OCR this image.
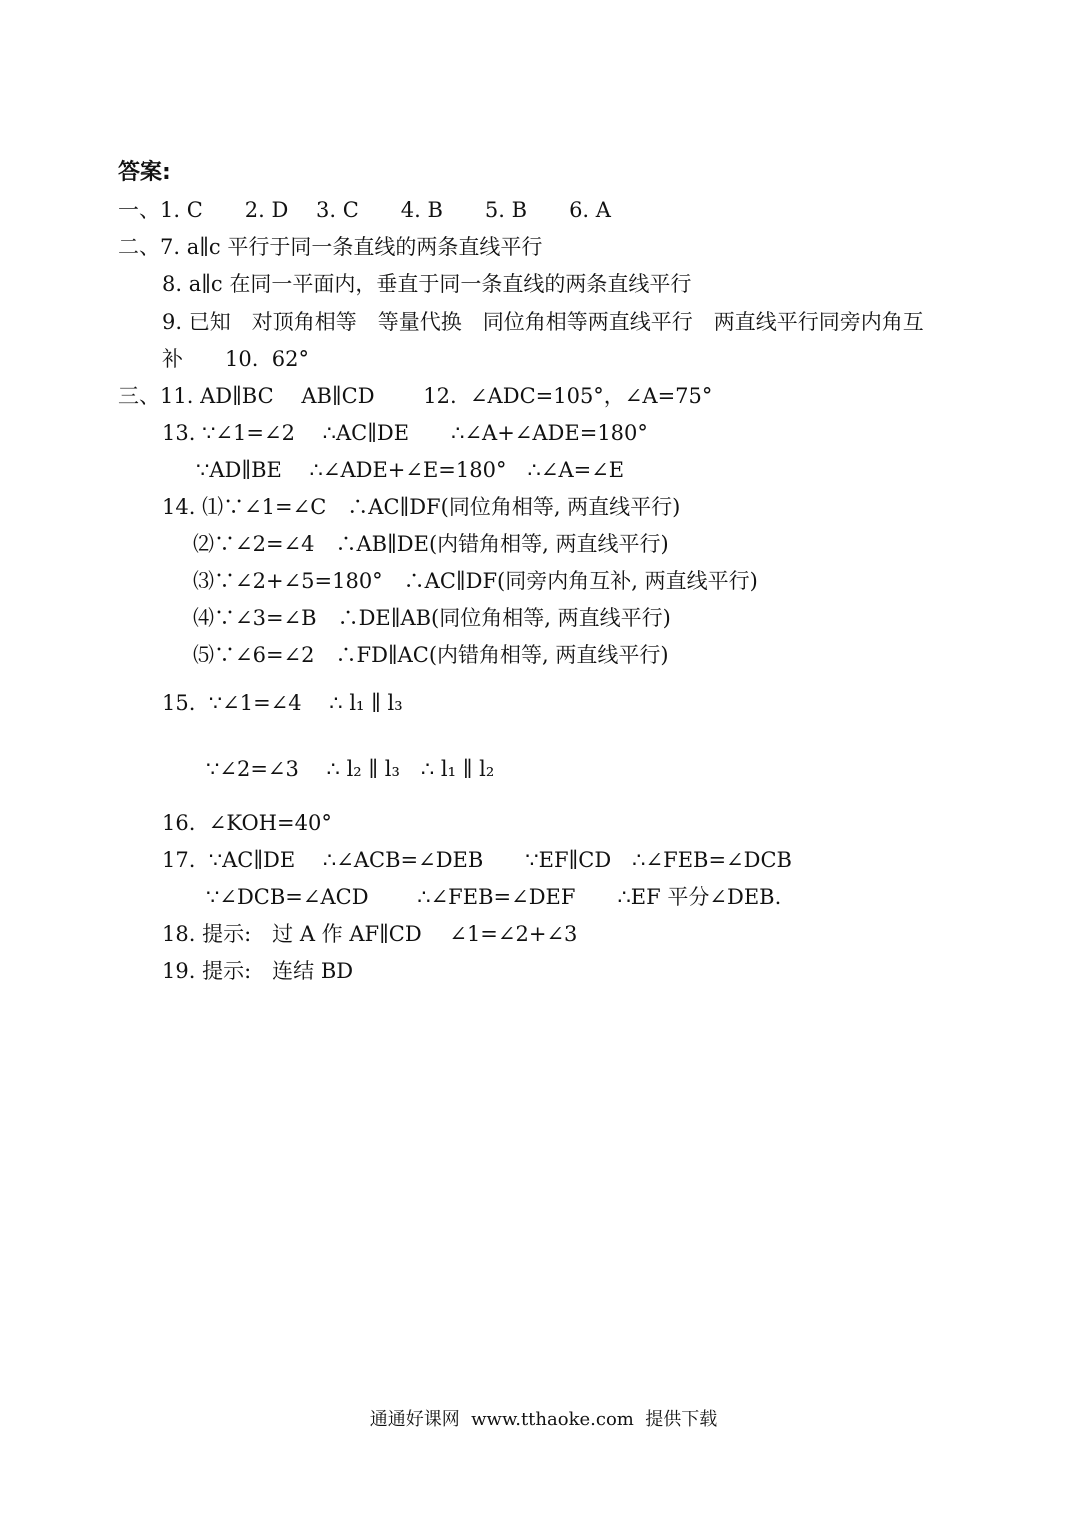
答案:
一、1. C　　2. D　 3. C　　4. B　　5. B　　6. A
二、7. a∥c 平行于同一条直线的两条直线平行
8. a∥c 在同一平面内，垂直于同一条直线的两条直线平行
9. 已知　对顶角相等　等量代换　同位角相等两直线平行　两直线平行同旁内角互
补　　10.  62°
三、11. AD∥BC　 AB∥CD　　 12.  ∠ADC=105°，∠A=75°
13. ∵∠1=∠2　 ∴AC∥DE　　∴∠A+∠ADE=180°
∵AD∥BE　 ∴∠ADE+∠E=180°　∴∠A=∠E
14. ⑴∵∠1=∠C　∴AC∥DF(同位角相等, 两直线平行)
⑵∵∠2=∠4　∴AB∥DE(内错角相等, 两直线平行)
⑶∵∠2+∠5=180°　∴AC∥DF(同旁内角互补, 两直线平行)
⑷∵∠3=∠B　∴DE∥AB(同位角相等, 两直线平行)
⑸∵∠6=∠2　∴FD∥AC(内错角相等, 两直线平行)
15.  ∵∠1=∠4　 ∴ l₁ ∥ l₃
∵∠2=∠3　 ∴ l₂ ∥ l₃　∴ l₁ ∥ l₂
16.  ∠KOH=40°
17.  ∵AC∥DE　 ∴∠ACB=∠DEB　　∵EF∥CD　∴∠FEB=∠DCB
∵∠DCB=∠ACD　　 ∴∠FEB=∠DEF　　∴EF 平分∠DEB.
18. 提示:　过 A 作 AF∥CD　 ∠1=∠2+∠3
19. 提示:　连结 BD
通通好课网  www.tthaoke.com  提供下载
